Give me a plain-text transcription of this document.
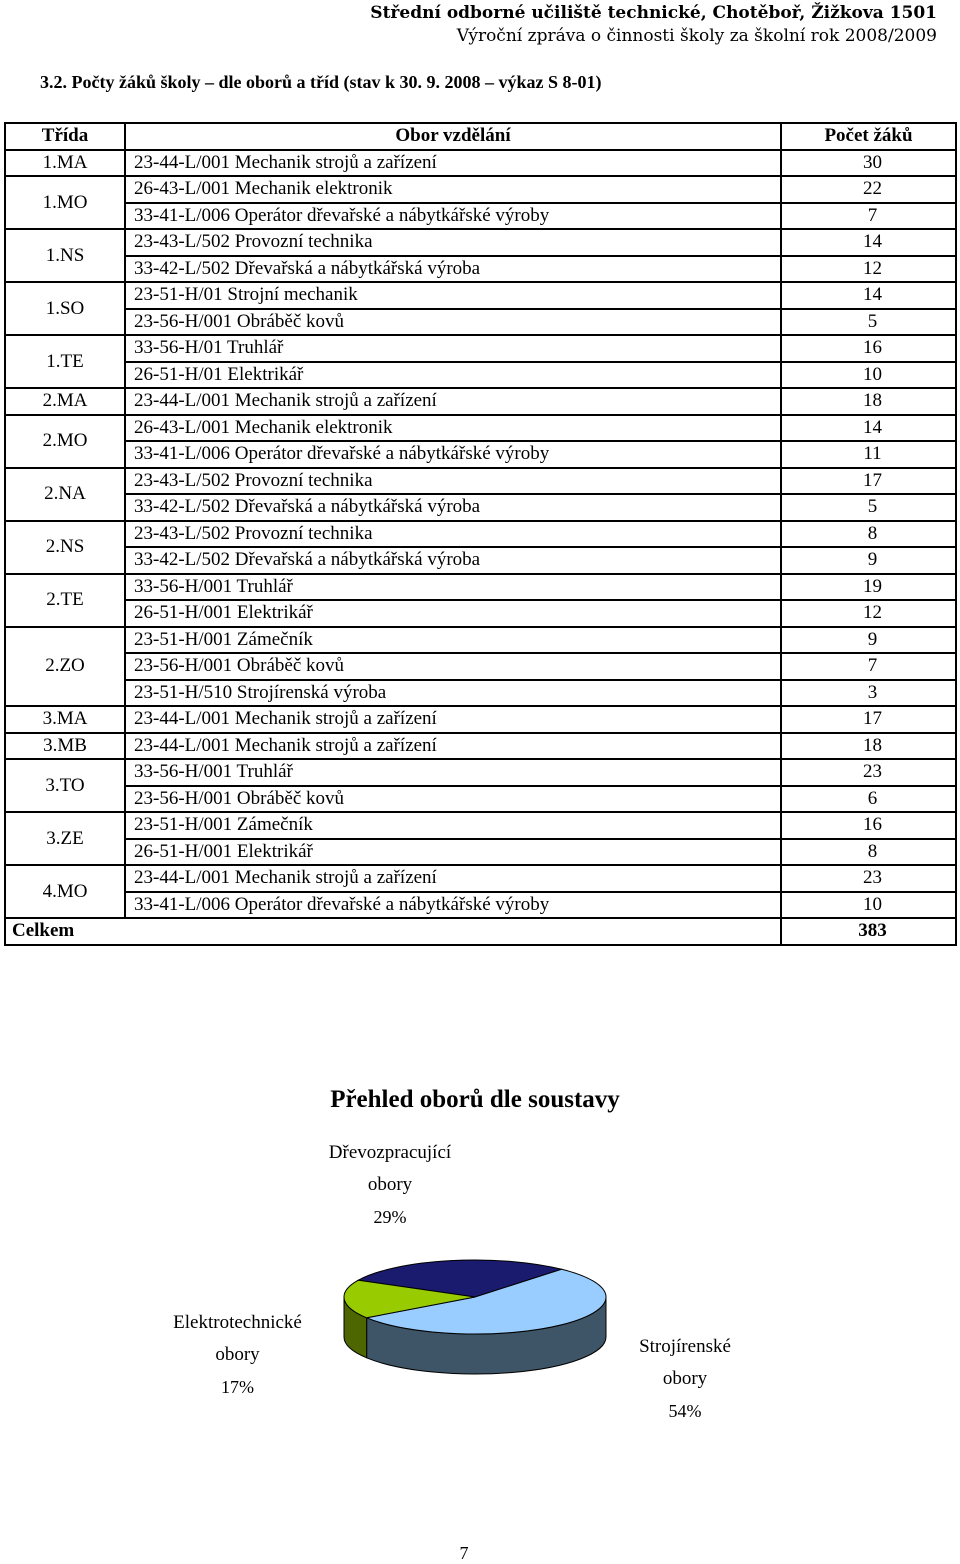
Střední odborné učiliště technické, Chotěboř, Žižkova 1501
Výroční zpráva o činnosti školy za školní rok 2008/2009
3.2. Počty žáků školy – dle oborů a tříd (stav k 30. 9. 2008 – výkaz S 8-01)
Třída	Obor vzdělání	Počet žáků
1.MA	23-44-L/001 Mechanik strojů a zařízení	30
1.MO	26-43-L/001 Mechanik elektronik	22
	33-41-L/006 Operátor dřevařské a nábytkářské výroby	7
1.NS	23-43-L/502 Provozní technika	14
	33-42-L/502 Dřevařská a nábytkářská výroba	12
1.SO	23-51-H/01 Strojní mechanik	14
	23-56-H/001 Obráběč kovů	5
1.TE	33-56-H/01 Truhlář	16
	26-51-H/01 Elektrikář	10
2.MA	23-44-L/001 Mechanik strojů a zařízení	18
2.MO	26-43-L/001 Mechanik elektronik	14
	33-41-L/006 Operátor dřevařské a nábytkářské výroby	11
2.NA	23-43-L/502 Provozní technika	17
	33-42-L/502 Dřevařská a nábytkářská výroba	5
2.NS	23-43-L/502 Provozní technika	8
	33-42-L/502 Dřevařská a nábytkářská výroba	9
2.TE	33-56-H/001 Truhlář	19
	26-51-H/001 Elektrikář	12
2.ZO	23-51-H/001 Zámečník	9
	23-56-H/001 Obráběč kovů	7
	23-51-H/510 Strojírenská výroba	3
3.MA	23-44-L/001 Mechanik strojů a zařízení	17
3.MB	23-44-L/001 Mechanik strojů a zařízení	18
3.TO	33-56-H/001 Truhlář	23
	23-56-H/001 Obráběč kovů	6
3.ZE	23-51-H/001 Zámečník	16
	26-51-H/001 Elektrikář	8
4.MO	23-44-L/001 Mechanik strojů a zařízení	23
	33-41-L/006 Operátor dřevařské a nábytkářské výroby	10
Celkem		383
Přehled oborů dle soustavy
Dřevozpracující
obory
29%
Strojírenské
obory
54%
Elektrotechnické
obory
17%
7
